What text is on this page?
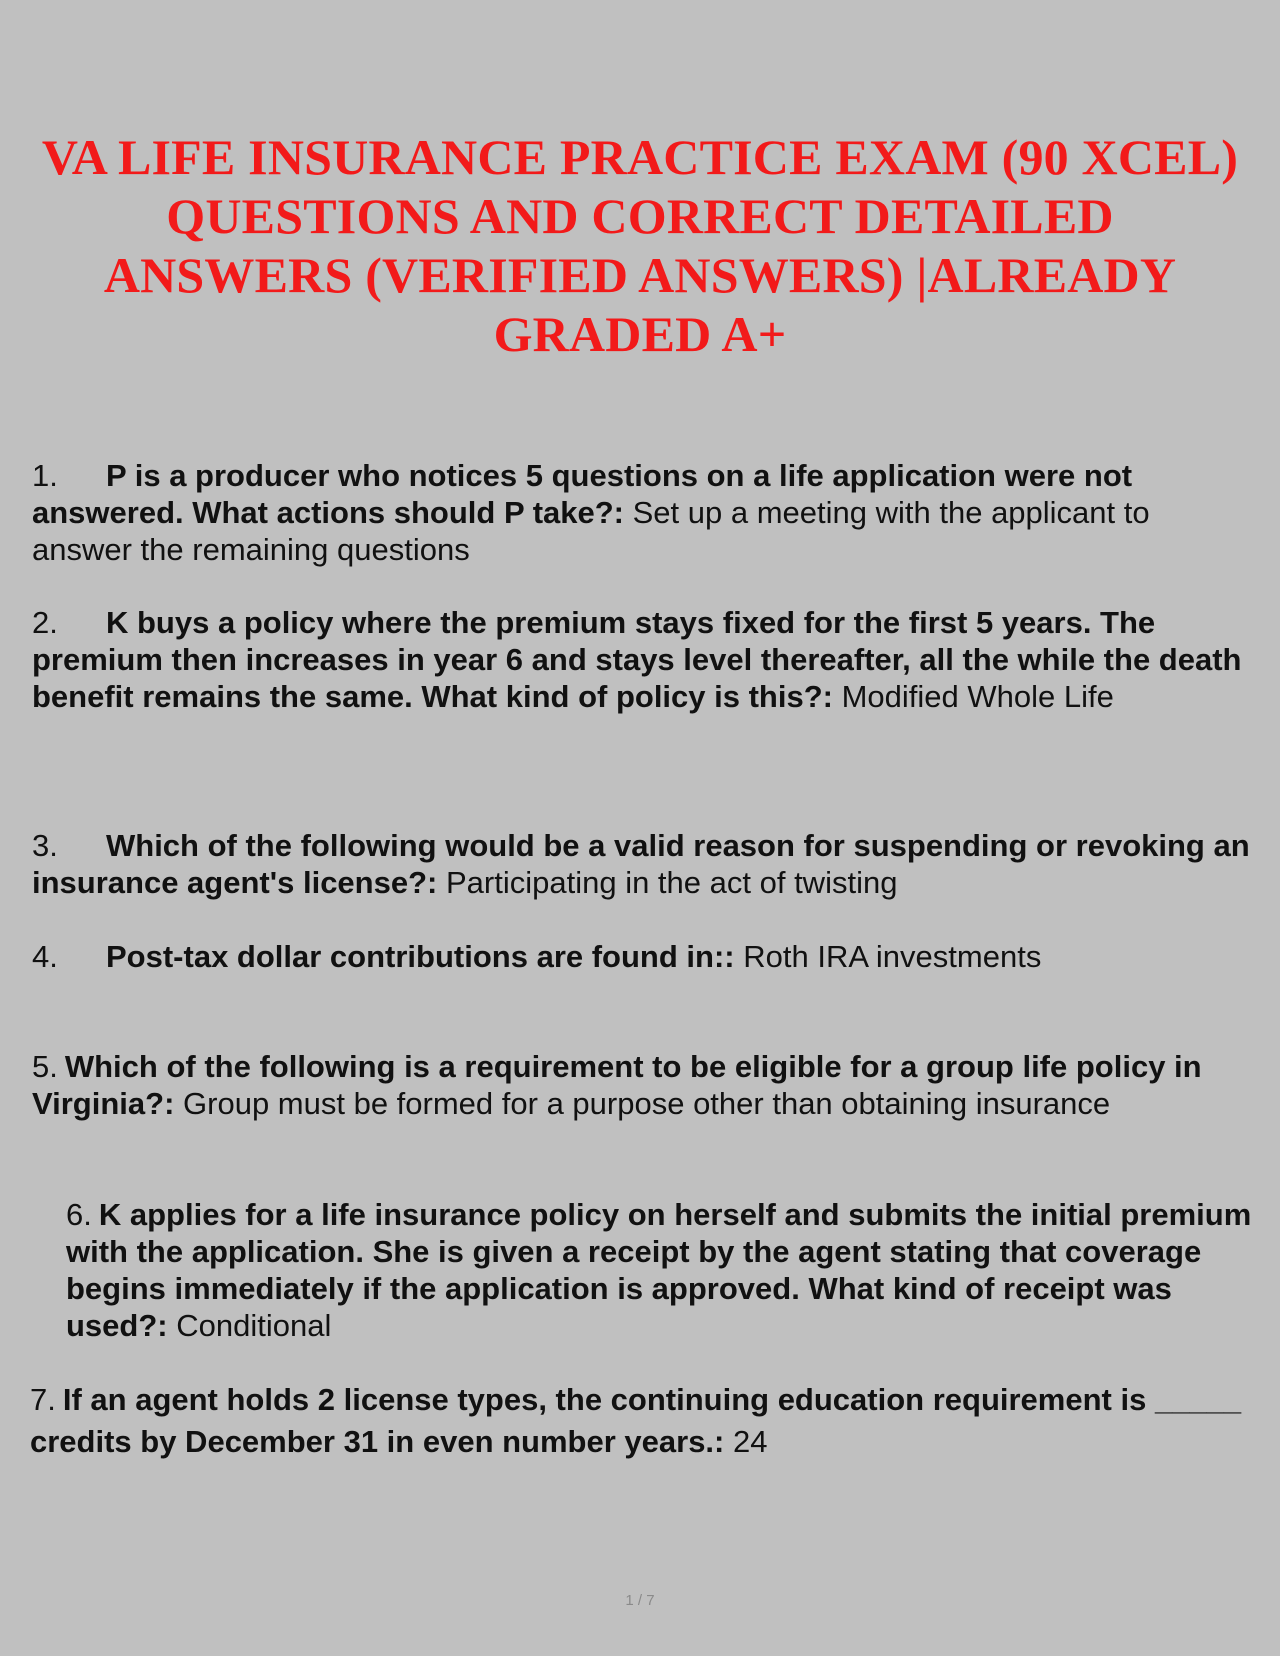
VA LIFE INSURANCE PRACTICE EXAM (90 XCEL)
QUESTIONS AND CORRECT DETAILED
ANSWERS (VERIFIED ANSWERS) |ALREADY
GRADED A+

1. P is a producer who notices 5 questions on a life application were not answered. What actions should P take?: Set up a meeting with the applicant to answer the remaining questions

2. K buys a policy where the premium stays fixed for the first 5 years. The premium then increases in year 6 and stays level thereafter, all the while the death benefit remains the same. What kind of policy is this?: Modified Whole Life

3. Which of the following would be a valid reason for suspending or revoking an insurance agent's license?: Participating in the act of twisting

4. Post-tax dollar contributions are found in:: Roth IRA investments

5. Which of the following is a requirement to be eligible for a group life policy in Virginia?: Group must be formed for a purpose other than obtaining insurance

6. K applies for a life insurance policy on herself and submits the initial premium with the application. She is given a receipt by the agent stating that coverage begins immediately if the application is approved. What kind of receipt was used?: Conditional

7. If an agent holds 2 license types, the continuing education requirement is _____ credits by December 31 in even number years.: 24

1 / 7
